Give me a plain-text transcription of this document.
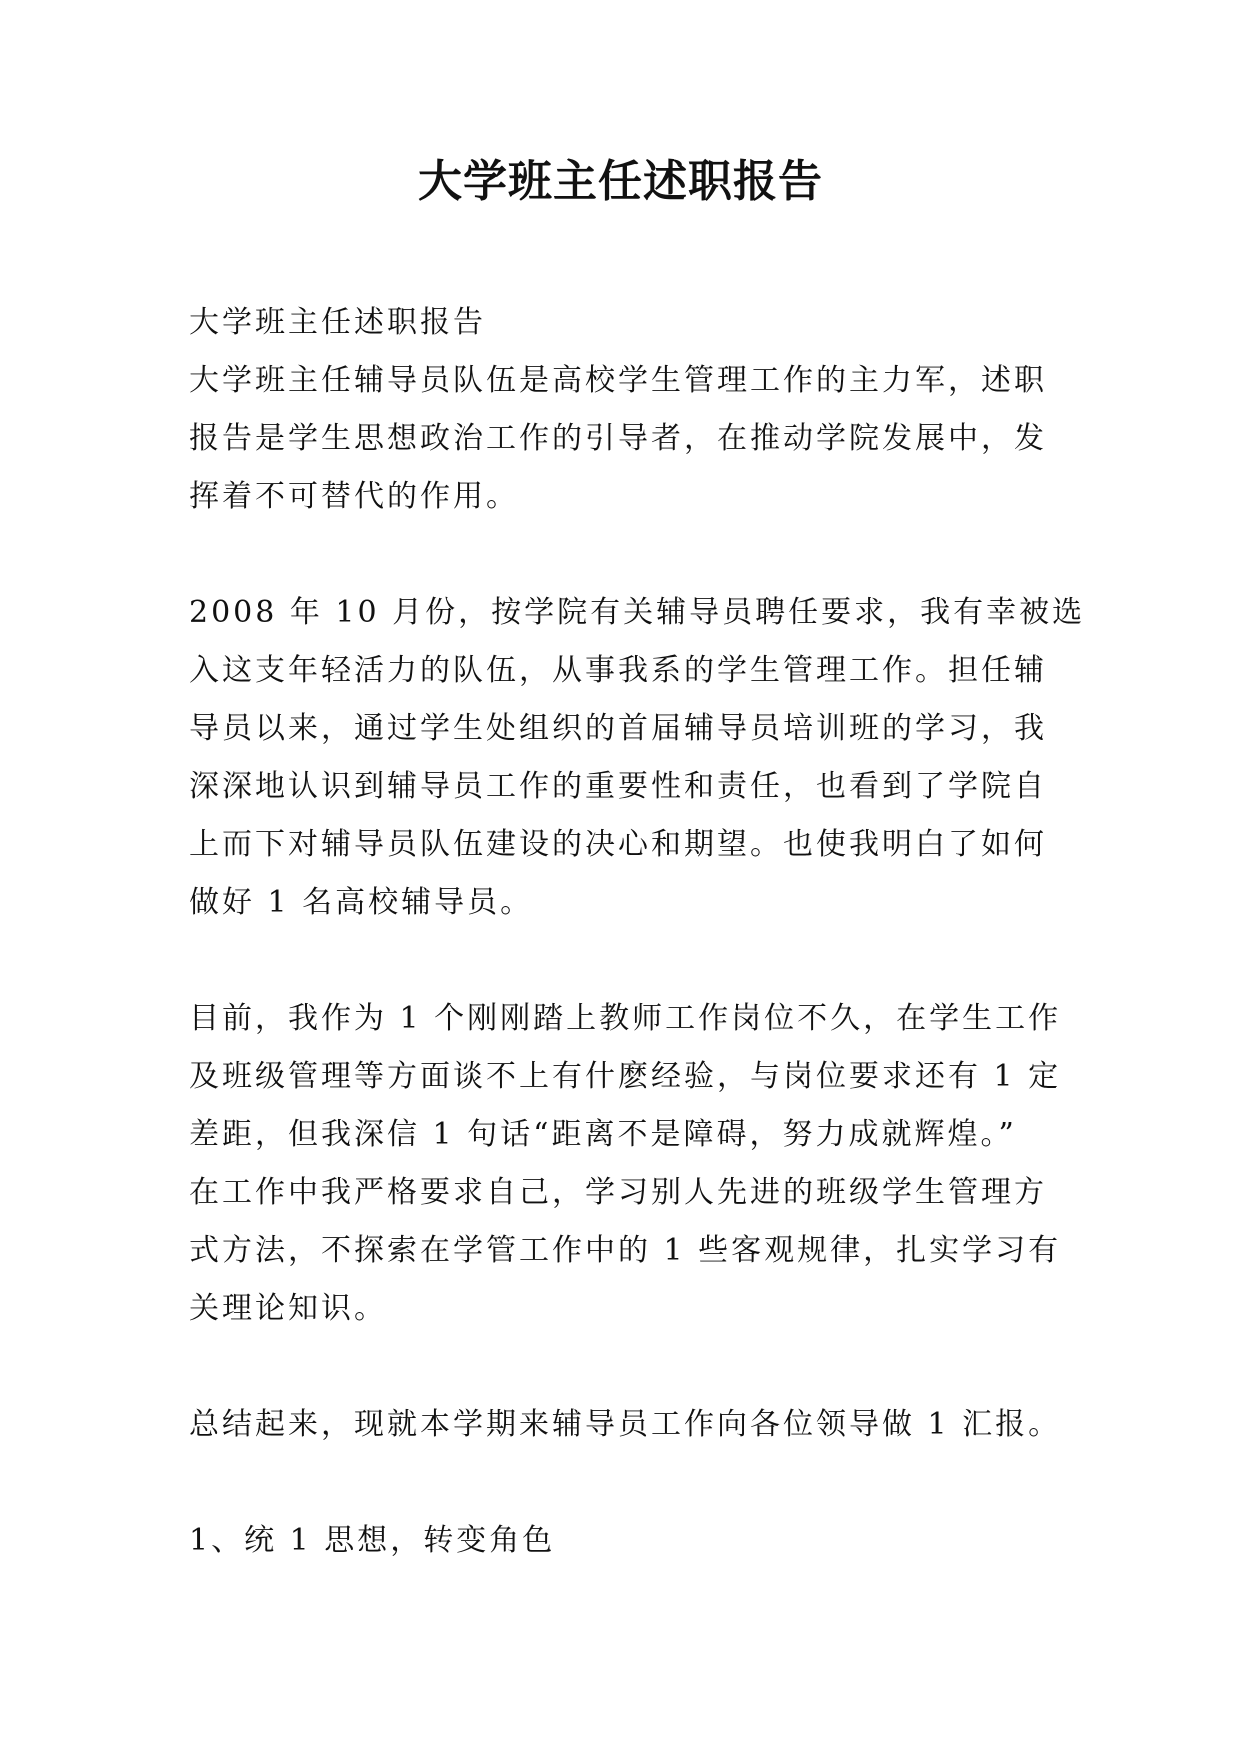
大学班主任述职报告
大学班主任述职报告
大学班主任辅导员队伍是高校学生管理工作的主力军，述职
报告是学生思想政治工作的引导者，在推动学院发展中，发
挥着不可替代的作用。
2008 年 10 月份，按学院有关辅导员聘任要求，我有幸被选
入这支年轻活力的队伍，从事我系的学生管理工作。担任辅
导员以来，通过学生处组织的首届辅导员培训班的学习，我
深深地认识到辅导员工作的重要性和责任，也看到了学院自
上而下对辅导员队伍建设的决心和期望。也使我明白了如何
做好 1 名高校辅导员。
目前，我作为 1 个刚刚踏上教师工作岗位不久，在学生工作
及班级管理等方面谈不上有什麽经验，与岗位要求还有 1 定
差距，但我深信 1 句话“距离不是障碍，努力成就辉煌。”
在工作中我严格要求自己，学习别人先进的班级学生管理方
式方法，不探索在学管工作中的 1 些客观规律，扎实学习有
关理论知识。
总结起来，现就本学期来辅导员工作向各位领导做 1 汇报。
1、统 1 思想，转变角色
